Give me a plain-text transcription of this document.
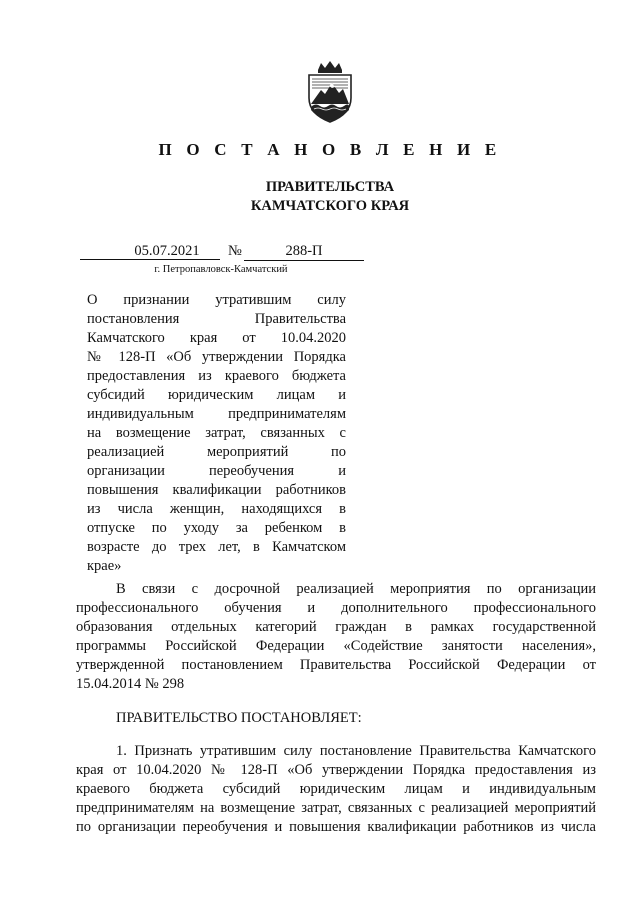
П О С Т А Н О В Л Е Н И Е
ПРАВИТЕЛЬСТВА
КАМЧАТСКОГО КРАЯ
05.07.2021	№	288-П
г. Петропавловск-Камчатский
О признании утратившим силу
постановления Правительства
Камчатского края от 10.04.2020
№ 128-П «Об утверждении Порядка
предоставления из краевого бюджета
субсидий юридическим лицам и
индивидуальным предпринимателям
на возмещение затрат, связанных с
реализацией мероприятий по
организации переобучения и
повышения квалификации работников
из числа женщин, находящихся в
отпуске по уходу за ребенком в
возрасте до трех лет, в Камчатском
крае»
В связи с досрочной реализацией мероприятия по организации
профессионального обучения и дополнительного профессионального
образования отдельных категорий граждан в рамках государственной
программы Российской Федерации «Содействие занятости населения»,
утвержденной постановлением Правительства Российской Федерации от
15.04.2014 № 298
ПРАВИТЕЛЬСТВО ПОСТАНОВЛЯЕТ:
1. Признать утратившим силу постановление Правительства Камчатского
края от 10.04.2020 № 128-П «Об утверждении Порядка предоставления из
краевого бюджета субсидий юридическим лицам и индивидуальным
предпринимателям на возмещение затрат, связанных с реализацией мероприятий
по организации переобучения и повышения квалификации работников из числа
